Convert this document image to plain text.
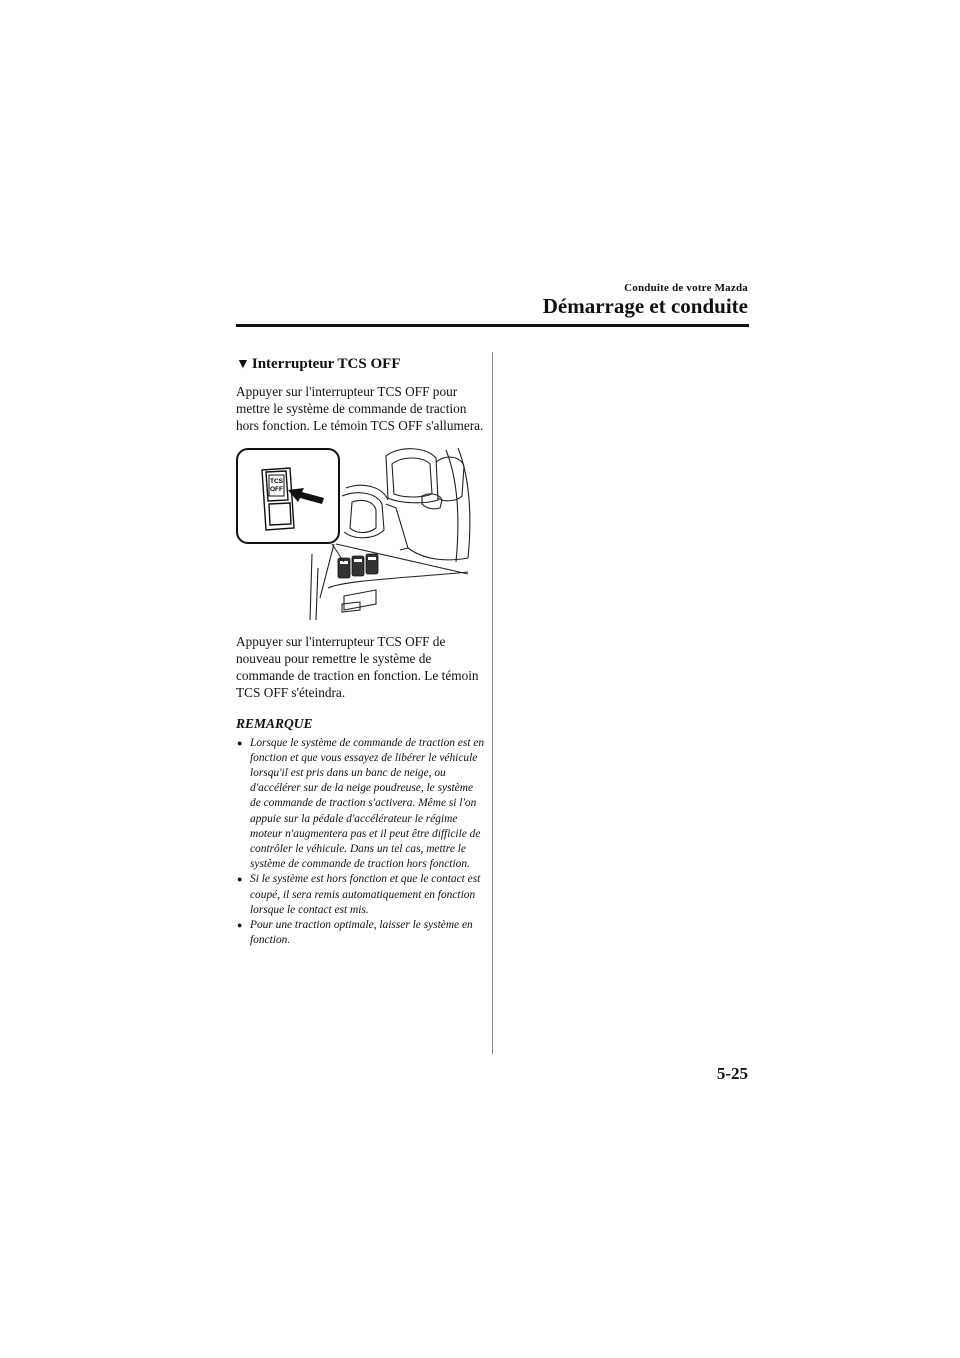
Conduite de votre Mazda
Démarrage et conduite
▼ Interrupteur TCS OFF

Appuyer sur l'interrupteur TCS OFF pour mettre le système de commande de traction hors fonction. Le témoin TCS OFF s'allumera.

TCS
OFF

Appuyer sur l'interrupteur TCS OFF de nouveau pour remettre le système de commande de traction en fonction. Le témoin TCS OFF s'éteindra.

REMARQUE
● Lorsque le système de commande de traction est en fonction et que vous essayez de libérer le véhicule lorsqu'il est pris dans un banc de neige, ou d'accélérer sur de la neige poudreuse, le système de commande de traction s'activera. Même si l'on appuie sur la pédale d'accélérateur le régime moteur n'augmentera pas et il peut être difficile de contrôler le véhicule. Dans un tel cas, mettre le système de commande de traction hors fonction.
● Si le système est hors fonction et que le contact est coupé, il sera remis automatiquement en fonction lorsque le contact est mis.
● Pour une traction optimale, laisser le système en fonction.
5-25
